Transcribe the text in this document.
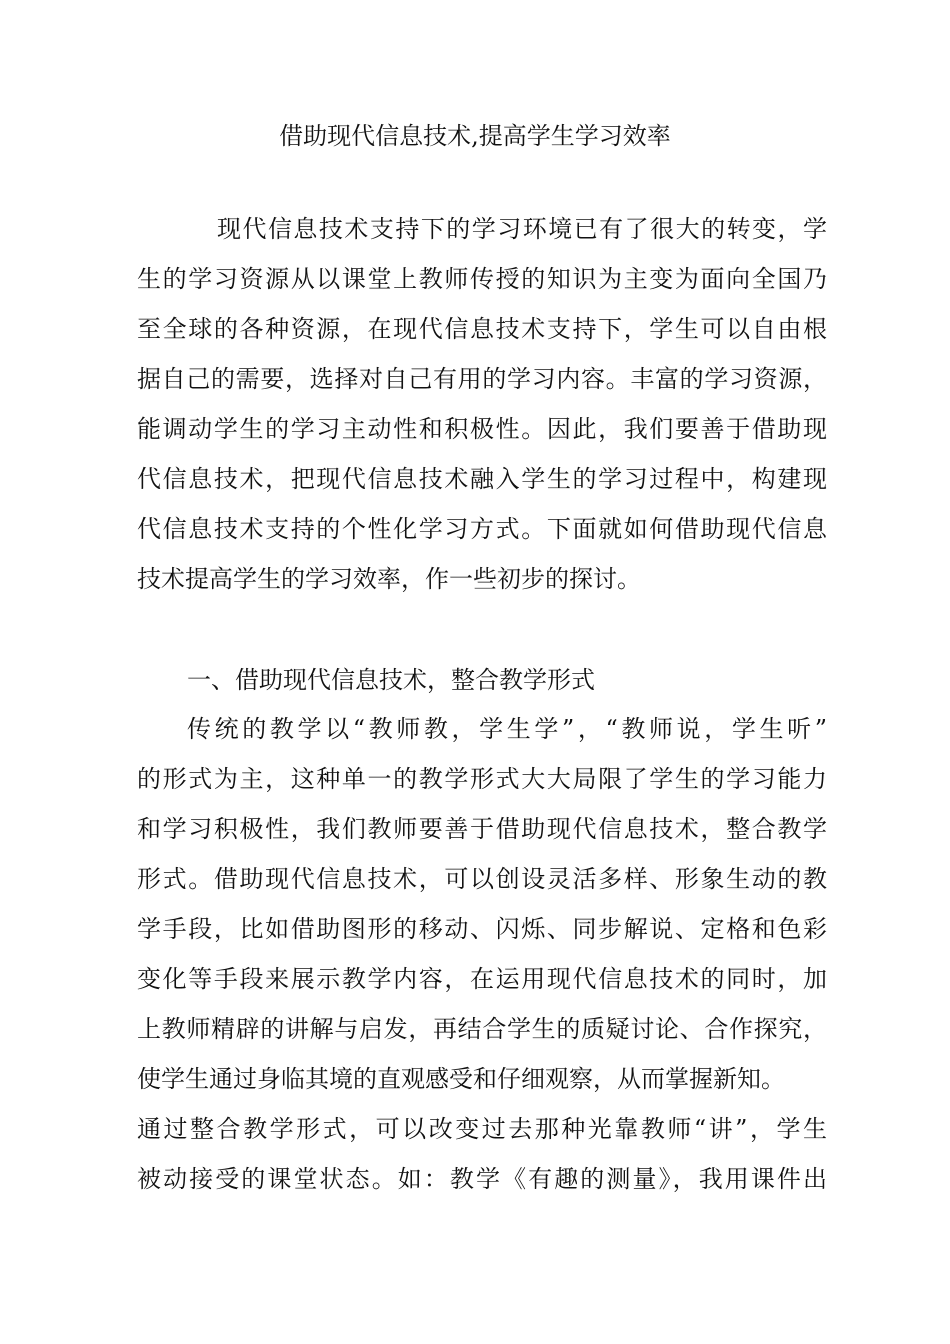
借助现代信息技术,提高学生学习效率
现代信息技术支持下的学习环境已有了很大的转变，学
生的学习资源从以课堂上教师传授的知识为主变为面向全国乃
至全球的各种资源，在现代信息技术支持下，学生可以自由根
据自己的需要，选择对自己有用的学习内容。丰富的学习资源，
能调动学生的学习主动性和积极性。因此，我们要善于借助现
代信息技术，把现代信息技术融入学生的学习过程中，构建现
代信息技术支持的个性化学习方式。下面就如何借助现代信息
技术提高学生的学习效率，作一些初步的探讨。
一、借助现代信息技术，整合教学形式
传统的教学以“教师教，学生学”，“教师说，学生听”
的形式为主，这种单一的教学形式大大局限了学生的学习能力
和学习积极性，我们教师要善于借助现代信息技术，整合教学
形式。借助现代信息技术，可以创设灵活多样、形象生动的教
学手段，比如借助图形的移动、闪烁、同步解说、定格和色彩
变化等手段来展示教学内容，在运用现代信息技术的同时，加
上教师精辟的讲解与启发，再结合学生的质疑讨论、合作探究，
使学生通过身临其境的直观感受和仔细观察，从而掌握新知。
通过整合教学形式，可以改变过去那种光靠教师“讲”，学生
被动接受的课堂状态。如：教学《有趣的测量》，我用课件出
